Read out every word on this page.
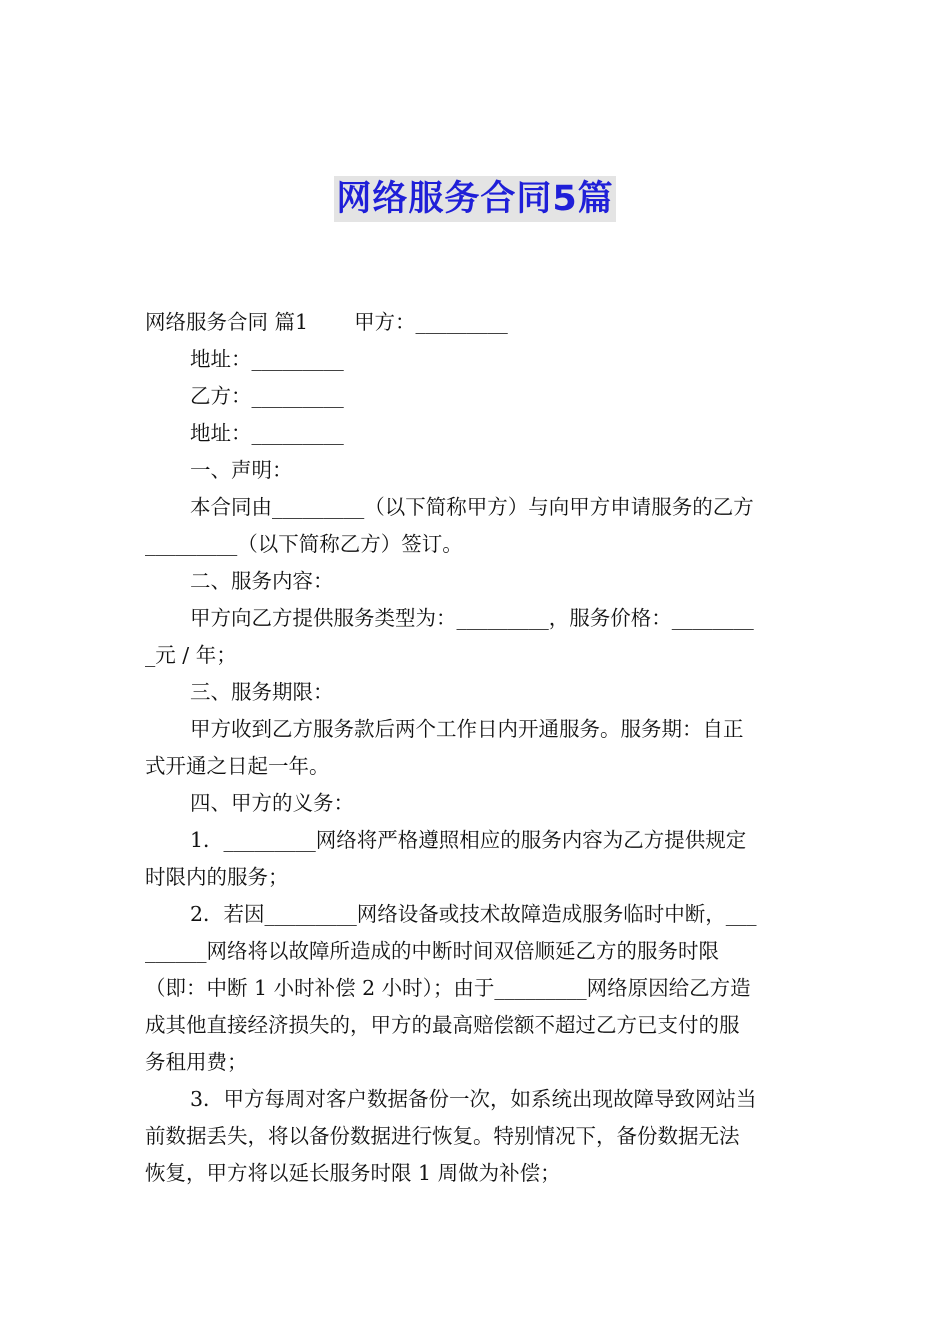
网络服务合同5篇
网络服务合同 篇1 甲方：_________
地址：_________
乙方：_________
地址：_________
一、声明：
本合同由_________（以下简称甲方）与向甲方申请服务的乙方
_________（以下简称乙方）签订。
二、服务内容：
甲方向乙方提供服务类型为：_________，服务价格：________
_元 / 年；
三、服务期限：
甲方收到乙方服务款后两个工作日内开通服务。服务期：自正
式开通之日起一年。
四、甲方的义务：
1．_________网络将严格遵照相应的服务内容为乙方提供规定
时限内的服务；
2．若因_________网络设备或技术故障造成服务临时中断，___
______网络将以故障所造成的中断时间双倍顺延乙方的服务时限
（即：中断 1 小时补偿 2 小时）；由于_________网络原因给乙方造
成其他直接经济损失的，甲方的最高赔偿额不超过乙方已支付的服
务租用费；
3．甲方每周对客户数据备份一次，如系统出现故障导致网站当
前数据丢失，将以备份数据进行恢复。特别情况下，备份数据无法
恢复，甲方将以延长服务时限 1 周做为补偿；
